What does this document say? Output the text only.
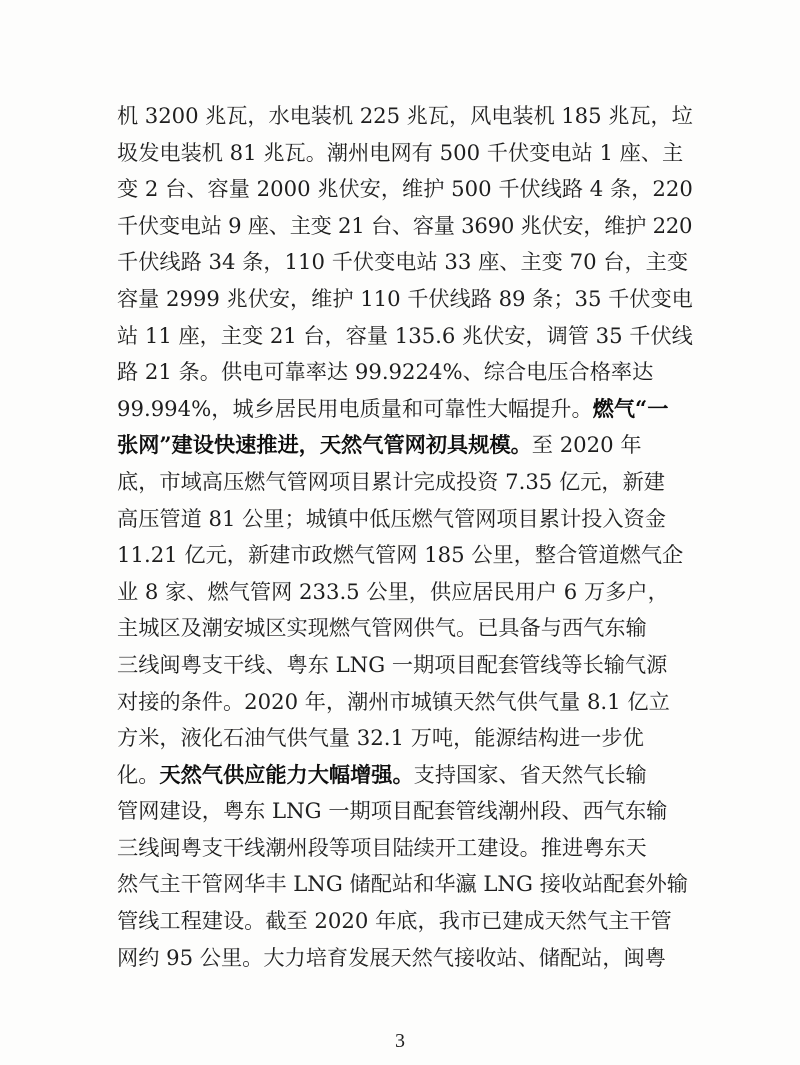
机 3200 兆瓦，水电装机 225 兆瓦，风电装机 185 兆瓦，垃
圾发电装机 81 兆瓦。潮州电网有 500 千伏变电站 1 座、主
变 2 台、容量 2000 兆伏安，维护 500 千伏线路 4 条，220
千伏变电站 9 座、主变 21 台、容量 3690 兆伏安，维护 220
千伏线路 34 条，110 千伏变电站 33 座、主变 70 台，主变
容量 2999 兆伏安，维护 110 千伏线路 89 条；35 千伏变电
站 11 座，主变 21 台，容量 135.6 兆伏安，调管 35 千伏线
路 21 条。供电可靠率达 99.9224%、综合电压合格率达
99.994%，城乡居民用电质量和可靠性大幅提升。燃气“一
张网”建设快速推进，天然气管网初具规模。至 2020 年
底，市域高压燃气管网项目累计完成投资 7.35 亿元，新建
高压管道 81 公里；城镇中低压燃气管网项目累计投入资金
11.21 亿元，新建市政燃气管网 185 公里，整合管道燃气企
业 8 家、燃气管网 233.5 公里，供应居民用户 6 万多户，
主城区及潮安城区实现燃气管网供气。已具备与西气东输
三线闽粤支干线、粤东 LNG 一期项目配套管线等长输气源
对接的条件。2020 年，潮州市城镇天然气供气量 8.1 亿立
方米，液化石油气供气量 32.1 万吨，能源结构进一步优
化。天然气供应能力大幅增强。支持国家、省天然气长输
管网建设，粤东 LNG 一期项目配套管线潮州段、西气东输
三线闽粤支干线潮州段等项目陆续开工建设。推进粤东天
然气主干管网华丰 LNG 储配站和华瀛 LNG 接收站配套外输
管线工程建设。截至 2020 年底，我市已建成天然气主干管
网约 95 公里。大力培育发展天然气接收站、储配站，闽粤
3
